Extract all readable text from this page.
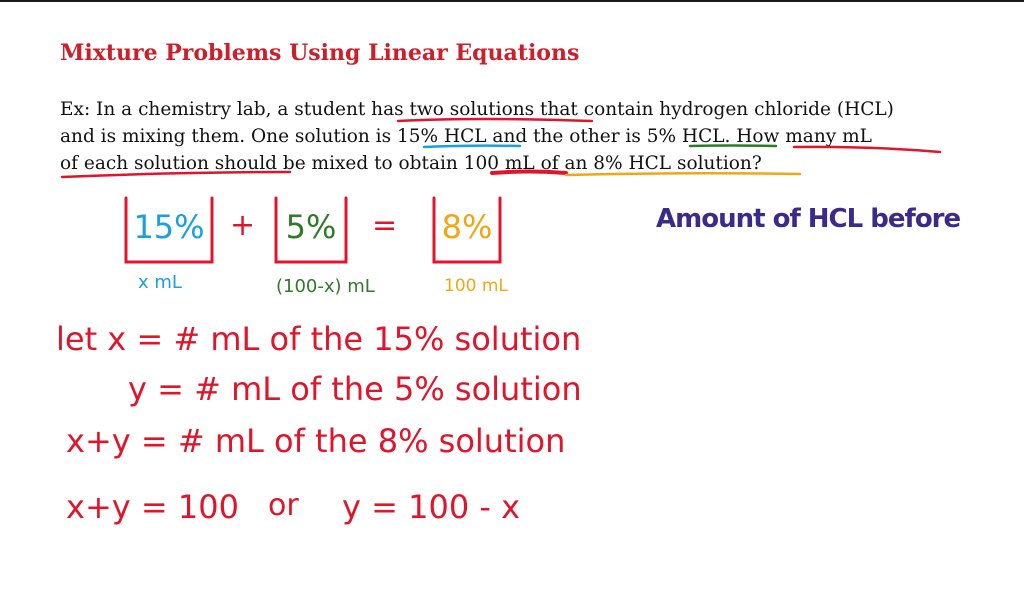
Mixture Problems Using Linear Equations
Ex: In a chemistry lab, a student has two solutions that contain hydrogen chloride (HCL)
and is mixing them. One solution is 15% HCL and the other is 5% HCL. How many mL
of each solution should be mixed to obtain 100 mL of an 8% HCL solution?
15% + 5% = 8%
x mL	(100-x) mL	100 mL
Amount of HCL before
let x = # mL of the 15% solution
y = # mL of the 5% solution
x+y = # mL of the 8% solution
x+y = 100 or y = 100 - x
